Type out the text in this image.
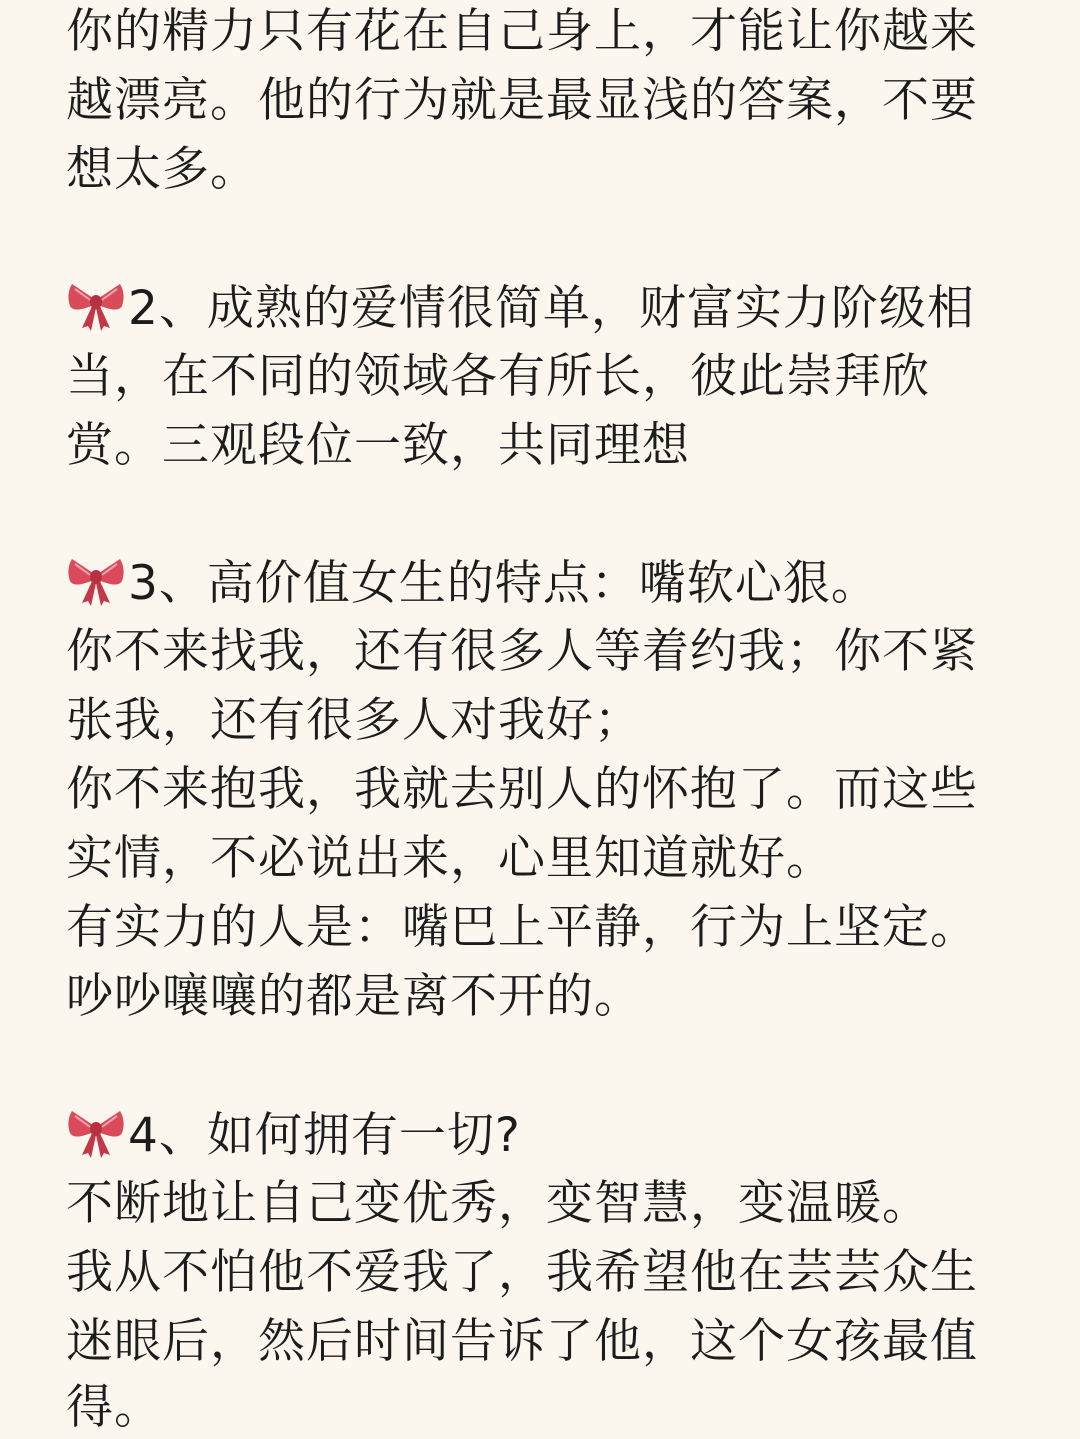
你的精力只有花在自己身上，才能让你越来
越漂亮。他的行为就是最显浅的答案，不要
想太多。
2、成熟的爱情很简单，财富实力阶级相
当，在不同的领域各有所长，彼此崇拜欣
赏。三观段位一致，共同理想
3、高价值女生的特点：嘴软心狠。
你不来找我，还有很多人等着约我；你不紧
张我，还有很多人对我好；
你不来抱我，我就去别人的怀抱了。而这些
实情，不必说出来，心里知道就好。
有实力的人是：嘴巴上平静，行为上坚定。
吵吵嚷嚷的都是离不开的。
4、如何拥有一切?
不断地让自己变优秀，变智慧，变温暖。
我从不怕他不爱我了，我希望他在芸芸众生
迷眼后，然后时间告诉了他，这个女孩最值
得。
